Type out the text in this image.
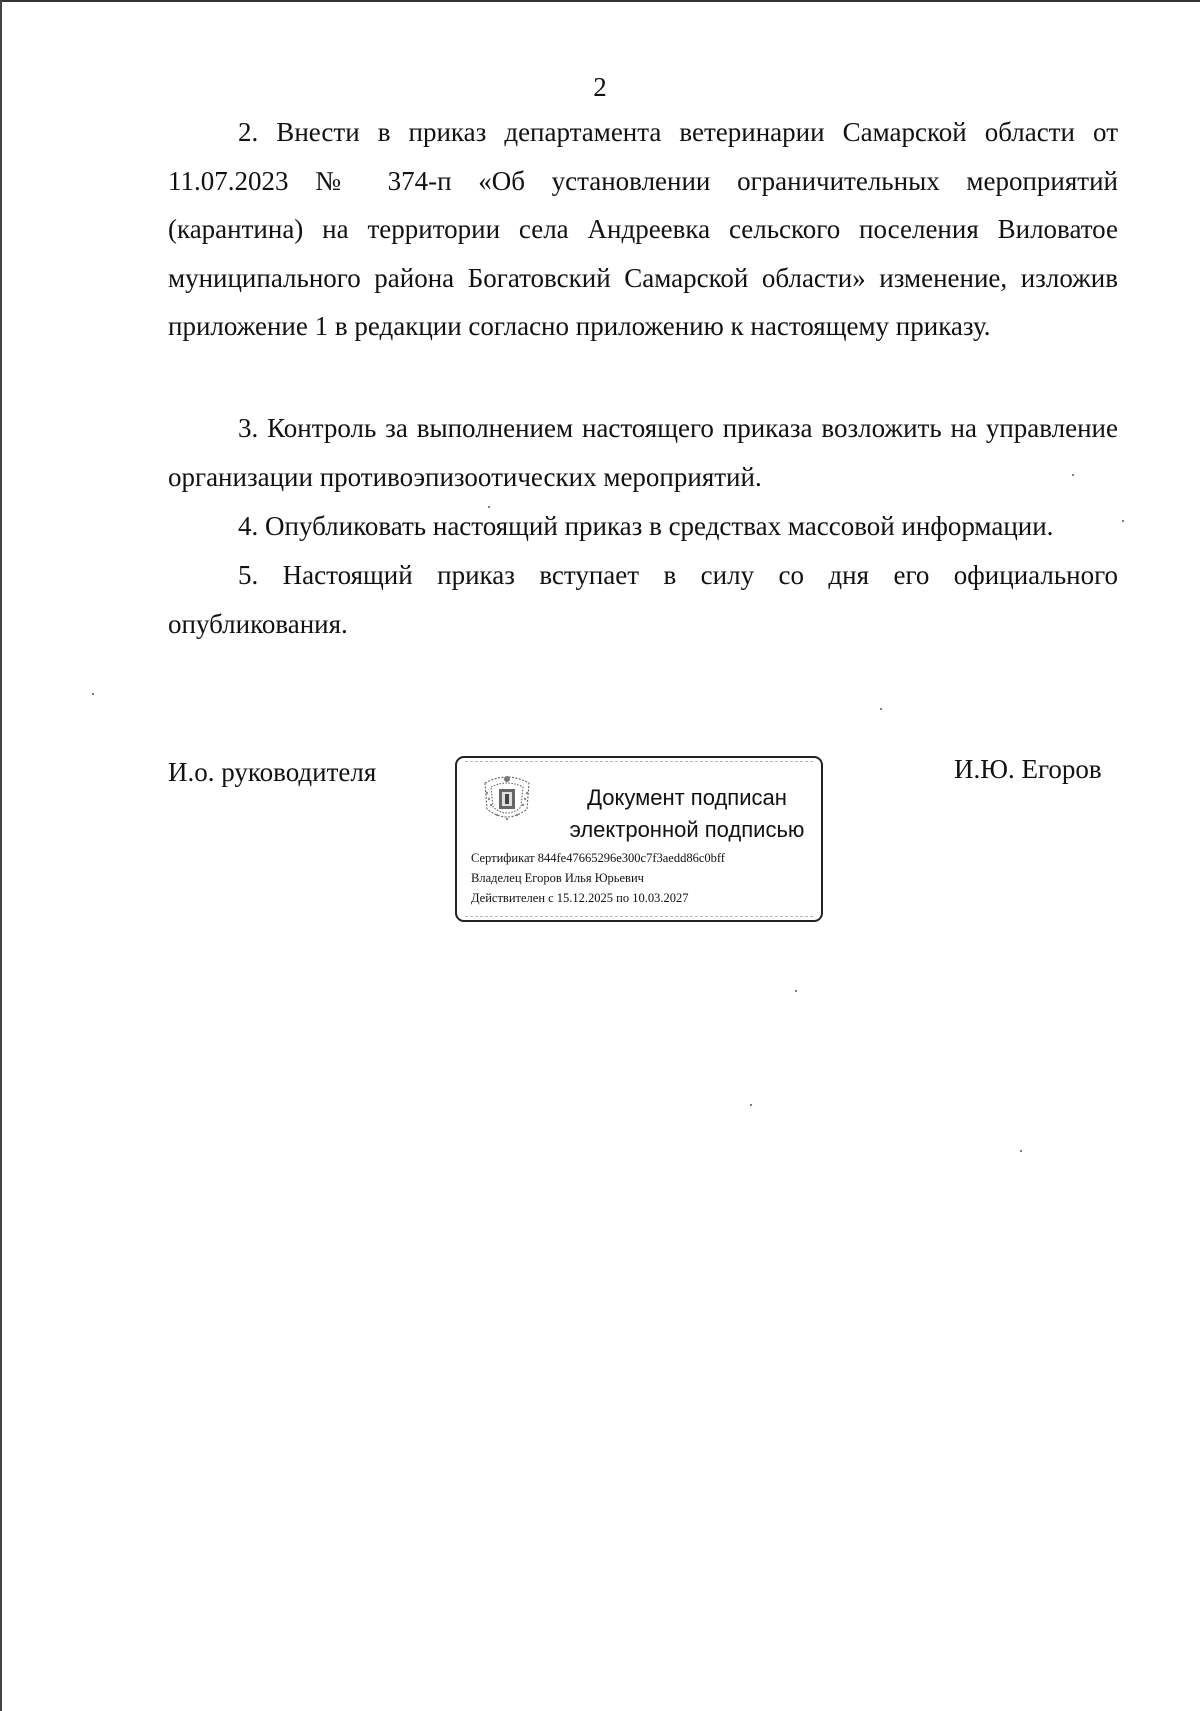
2

2. Внести в приказ департамента ветеринарии Самарской области от 11.07.2023 № 374-п «Об установлении ограничительных мероприятий (карантина) на территории села Андреевка сельского поселения Виловатое муниципального района Богатовский Самарской области» изменение, изложив приложение 1 в редакции согласно приложению к настоящему приказу.

3. Контроль за выполнением настоящего приказа возложить на управление организации противоэпизоотических мероприятий.

4. Опубликовать настоящий приказ в средствах массовой информации.

5. Настоящий приказ вступает в силу со дня его официального опубликования.

И.о. руководителя
Документ подписан
электронной подписью
Сертификат 844fe47665296e300c7f3aedd86c0bff
Владелец Егоров Илья Юрьевич
Действителен с 15.12.2025 по 10.03.2027
И.Ю. Егоров
